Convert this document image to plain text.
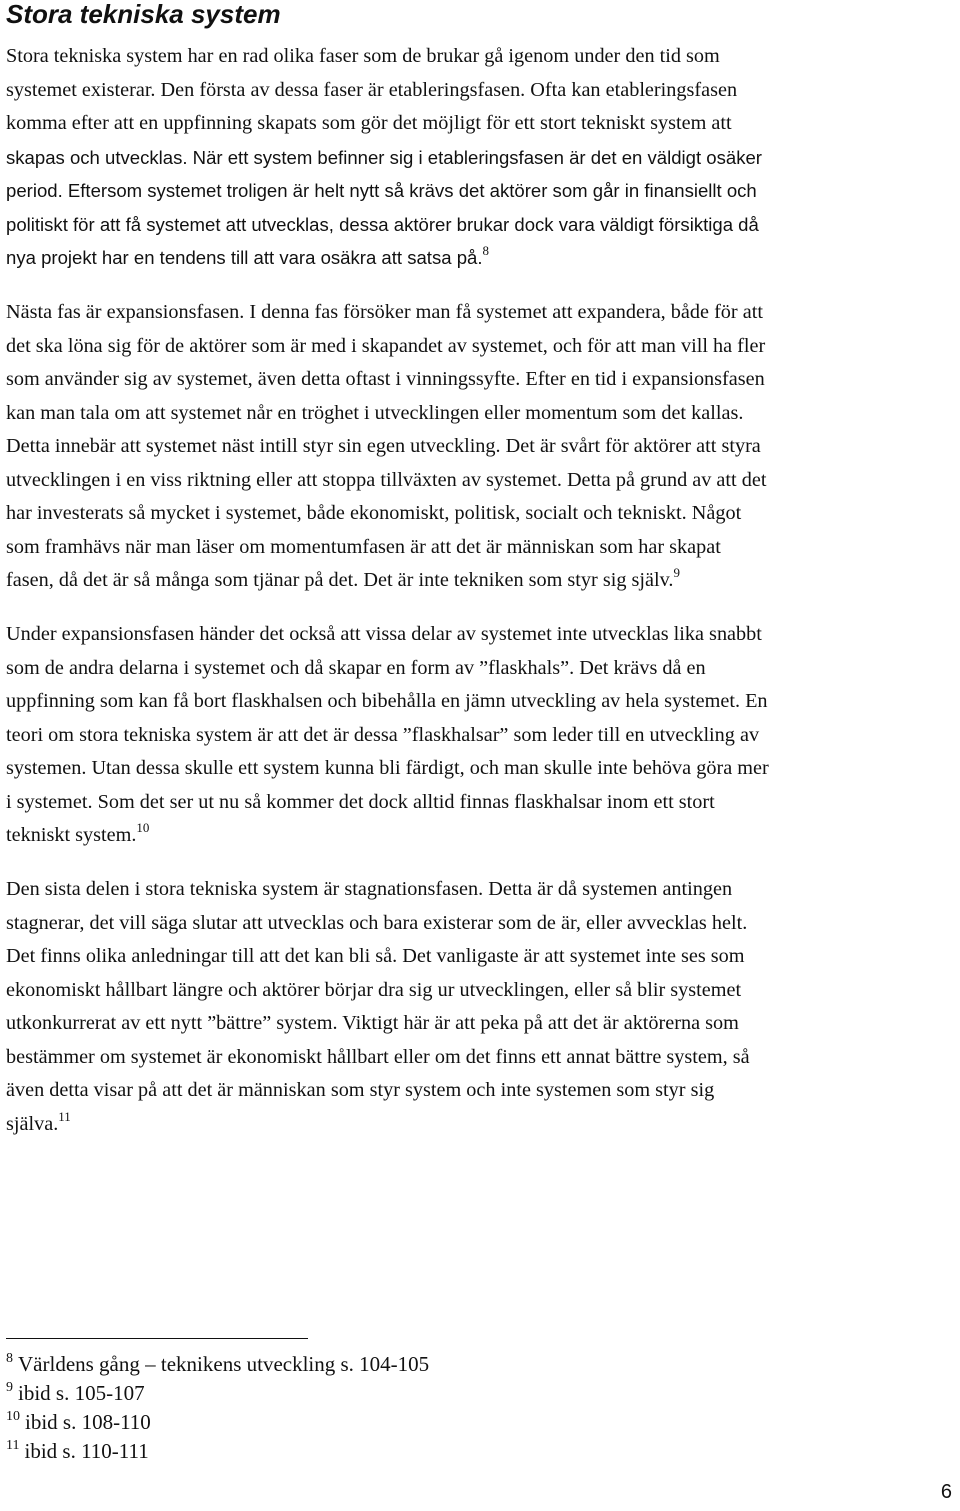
Stora tekniska system

Stora tekniska system har en rad olika faser som de brukar gå igenom under den tid som
systemet existerar. Den första av dessa faser är etableringsfasen. Ofta kan etableringsfasen
komma efter att en uppfinning skapats som gör det möjligt för ett stort tekniskt system att
skapas och utvecklas. När ett system befinner sig i etableringsfasen är det en väldigt osäker
period. Eftersom systemet troligen är helt nytt så krävs det aktörer som går in finansiellt och
politiskt för att få systemet att utvecklas, dessa aktörer brukar dock vara väldigt försiktiga då
nya projekt har en tendens till att vara osäkra att satsa på.$^8$

Nästa fas är expansionsfasen. I denna fas försöker man få systemet att expandera, både för att
det ska löna sig för de aktörer som är med i skapandet av systemet, och för att man vill ha fler
som använder sig av systemet, även detta oftast i vinningssyfte. Efter en tid i expansionsfasen
kan man tala om att systemet når en tröghet i utvecklingen eller momentum som det kallas.
Detta innebär att systemet näst intill styr sin egen utveckling. Det är svårt för aktörer att styra
utvecklingen i en viss riktning eller att stoppa tillväxten av systemet. Detta på grund av att det
har investerats så mycket i systemet, både ekonomiskt, politisk, socialt och tekniskt. Något
som framhävs när man läser om momentumfasen är att det är människan som har skapat
fasen, då det är så många som tjänar på det. Det är inte tekniken som styr sig själv.$^9$

Under expansionsfasen händer det också att vissa delar av systemet inte utvecklas lika snabbt
som de andra delarna i systemet och då skapar en form av ”flaskhals”. Det krävs då en
uppfinning som kan få bort flaskhalsen och bibehålla en jämn utveckling av hela systemet. En
teori om stora tekniska system är att det är dessa ”flaskhalsar” som leder till en utveckling av
systemen. Utan dessa skulle ett system kunna bli färdigt, och man skulle inte behöva göra mer
i systemet. Som det ser ut nu så kommer det dock alltid finnas flaskhalsar inom ett stort
tekniskt system.$^{10}$

Den sista delen i stora tekniska system är stagnationsfasen. Detta är då systemen antingen
stagnerar, det vill säga slutar att utvecklas och bara existerar som de är, eller avvecklas helt.
Det finns olika anledningar till att det kan bli så. Det vanligaste är att systemet inte ses som
ekonomiskt hållbart längre och aktörer börjar dra sig ur utvecklingen, eller så blir systemet
utkonkurrerat av ett nytt ”bättre” system. Viktigt här är att peka på att det är aktörerna som
bestämmer om systemet är ekonomiskt hållbart eller om det finns ett annat bättre system, så
även detta visar på att det är människan som styr system och inte systemen som styr sig
själva.$^{11}$

$^8$ Världens gång – teknikens utveckling s. 104-105
$^9$ ibid s. 105-107
$^{10}$ ibid s. 108-110
$^{11}$ ibid s. 110-111
6
